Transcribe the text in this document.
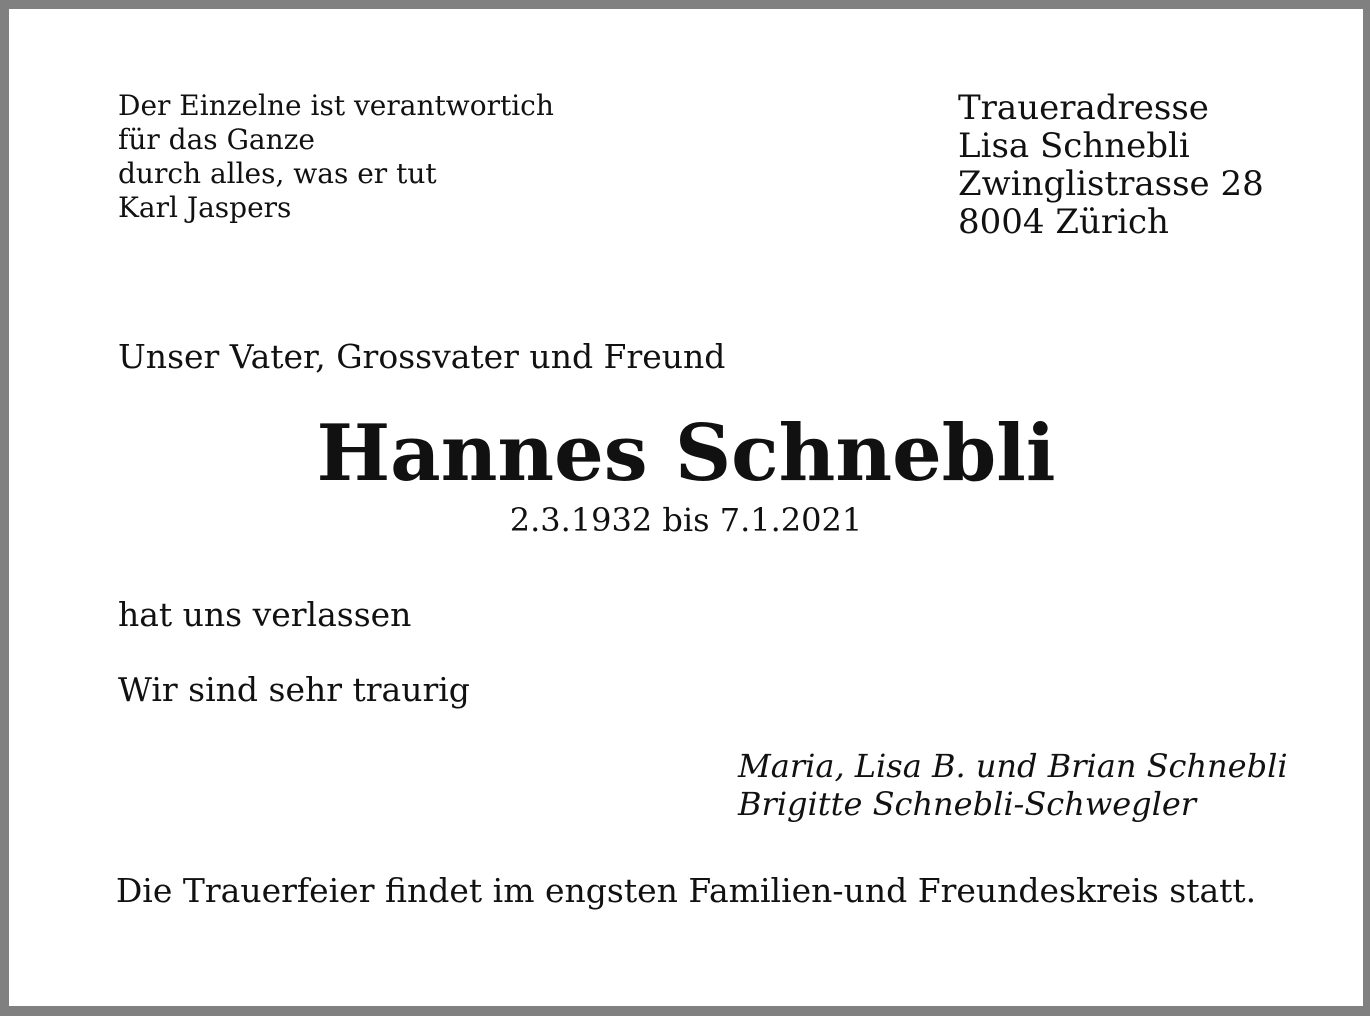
Der Einzelne ist verantwortich
für das Ganze
durch alles, was er tut
Karl Jaspers
Traueradresse
Lisa Schnebli
Zwinglistrasse 28
8004 Zürich
Unser Vater, Grossvater und Freund
Hannes Schnebli
2.3.1932 bis 7.1.2021
hat uns verlassen
Wir sind sehr traurig
Maria, Lisa B. und Brian Schnebli
Brigitte Schnebli-Schwegler
Die Trauerfeier findet im engsten Familien-und Freundeskreis statt.
